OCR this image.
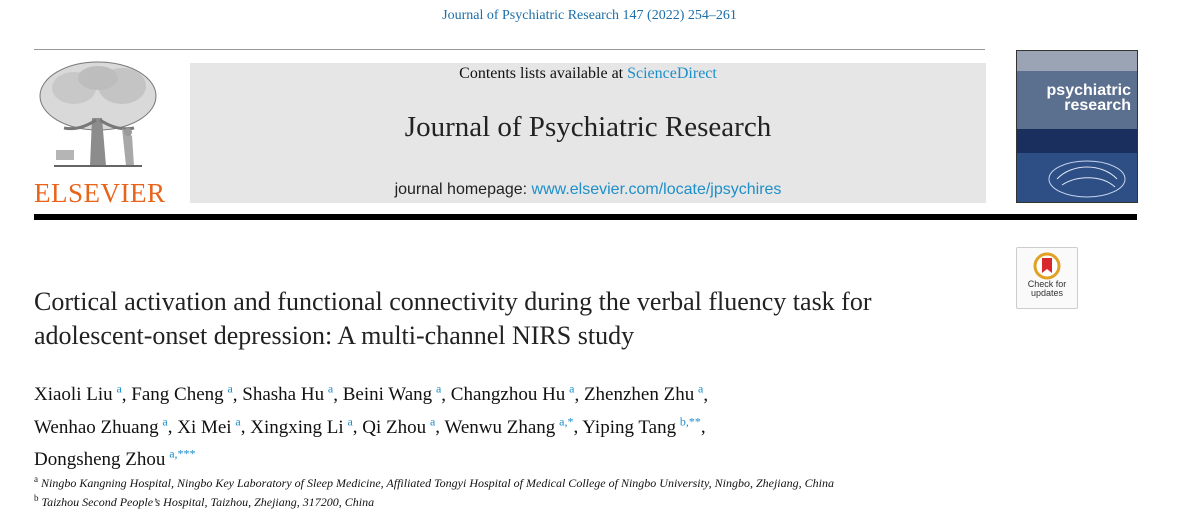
Journal of Psychiatric Research 147 (2022) 254–261
ELSEVIER
Contents lists available at ScienceDirect
Journal of Psychiatric Research
journal homepage: www.elsevier.com/locate/jpsychires
psychiatric
research
Check for
updates
Cortical activation and functional connectivity during the verbal fluency task for adolescent-onset depression: A multi-channel NIRS study
Xiaoli Liu  $^a$, Fang Cheng  $^a$, Shasha Hu  $^a$, Beini Wang  $^a$, Changzhou Hu  $^a$, Zhenzhen Zhu  $^a$,
Wenhao Zhuang  $^a$, Xi Mei  $^a$, Xingxing Li  $^a$, Qi Zhou  $^a$, Wenwu Zhang  $^{a,*}$, Yiping Tang  $^{b,**}$,
Dongsheng Zhou  $^{a,***}$
$^a$ Ningbo Kangning Hospital, Ningbo Key Laboratory of Sleep Medicine, Affiliated Tongyi Hospital of Medical College of Ningbo University, Ningbo, Zhejiang, China
$^b$ Taizhou Second People’s Hospital, Taizhou, Zhejiang, 317200, China
